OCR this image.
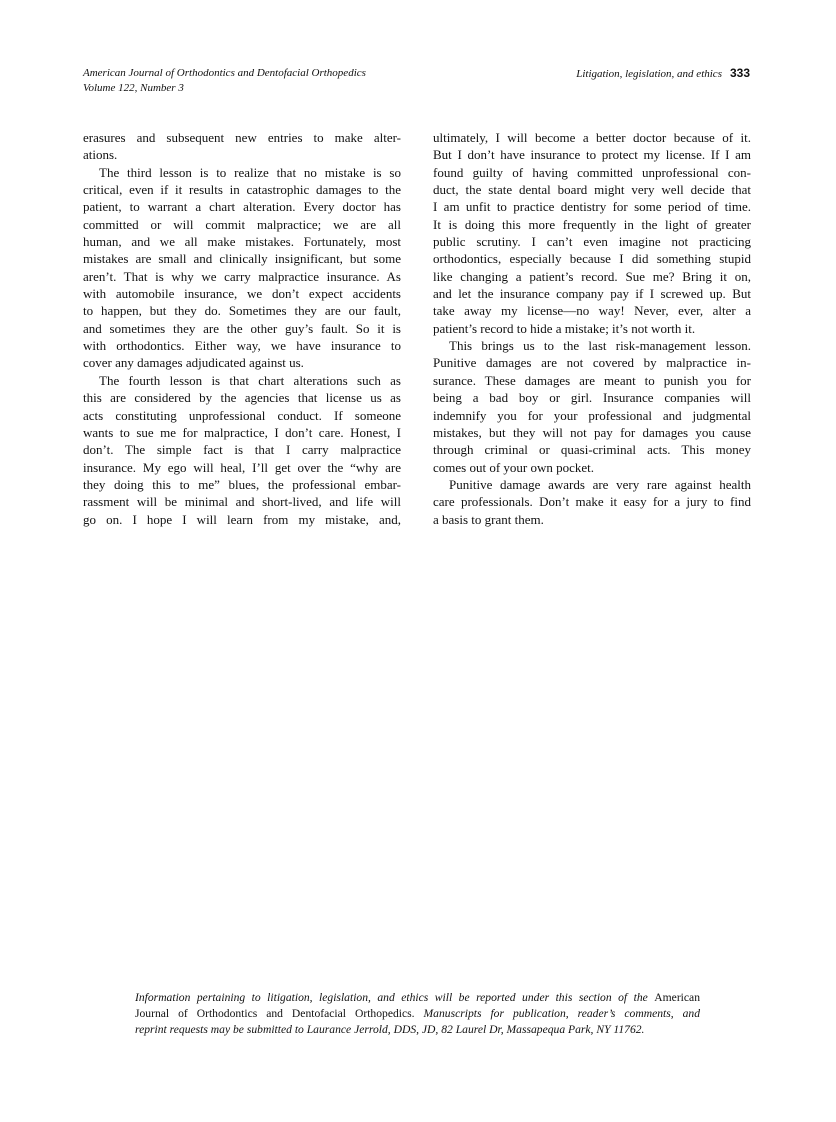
American Journal of Orthodontics and Dentofacial Orthopedics
Volume 122, Number 3
Litigation, legislation, and ethics 333
erasures and subsequent new entries to make alter-
ations.
The third lesson is to realize that no mistake is so
critical, even if it results in catastrophic damages to the
patient, to warrant a chart alteration. Every doctor has
committed or will commit malpractice; we are all
human, and we all make mistakes. Fortunately, most
mistakes are small and clinically insignificant, but some
aren’t. That is why we carry malpractice insurance. As
with automobile insurance, we don’t expect accidents
to happen, but they do. Sometimes they are our fault,
and sometimes they are the other guy’s fault. So it is
with orthodontics. Either way, we have insurance to
cover any damages adjudicated against us.
The fourth lesson is that chart alterations such as
this are considered by the agencies that license us as
acts constituting unprofessional conduct. If someone
wants to sue me for malpractice, I don’t care. Honest, I
don’t. The simple fact is that I carry malpractice
insurance. My ego will heal, I’ll get over the “why are
they doing this to me” blues, the professional embar-
rassment will be minimal and short-lived, and life will
go on. I hope I will learn from my mistake, and,
ultimately, I will become a better doctor because of it.
But I don’t have insurance to protect my license. If I am
found guilty of having committed unprofessional con-
duct, the state dental board might very well decide that
I am unfit to practice dentistry for some period of time.
It is doing this more frequently in the light of greater
public scrutiny. I can’t even imagine not practicing
orthodontics, especially because I did something stupid
like changing a patient’s record. Sue me? Bring it on,
and let the insurance company pay if I screwed up. But
take away my license—no way! Never, ever, alter a
patient’s record to hide a mistake; it’s not worth it.
This brings us to the last risk-management lesson.
Punitive damages are not covered by malpractice in-
surance. These damages are meant to punish you for
being a bad boy or girl. Insurance companies will
indemnify you for your professional and judgmental
mistakes, but they will not pay for damages you cause
through criminal or quasi-criminal acts. This money
comes out of your own pocket.
Punitive damage awards are very rare against health
care professionals. Don’t make it easy for a jury to find
a basis to grant them.
Information pertaining to litigation, legislation, and ethics will be reported under this section of the American
Journal of Orthodontics and Dentofacial Orthopedics. Manuscripts for publication, reader’s comments, and
reprint requests may be submitted to Laurance Jerrold, DDS, JD, 82 Laurel Dr, Massapequa Park, NY 11762.
